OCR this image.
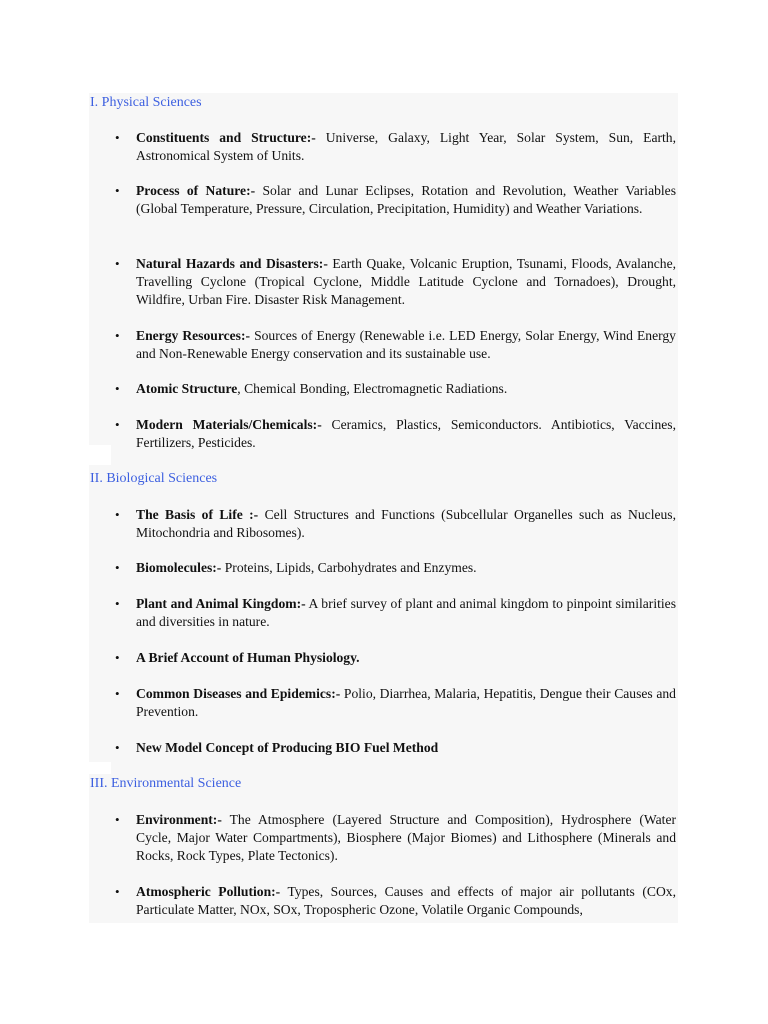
I. Physical Sciences
• Constituents and Structure:- Universe, Galaxy, Light Year, Solar System, Sun, Earth, Astronomical System of Units.
• Process of Nature:- Solar and Lunar Eclipses, Rotation and Revolution, Weather Variables (Global Temperature, Pressure, Circulation, Precipitation, Humidity) and Weather Variations.
• Natural Hazards and Disasters:- Earth Quake, Volcanic Eruption, Tsunami, Floods, Avalanche, Travelling Cyclone (Tropical Cyclone, Middle Latitude Cyclone and Tornadoes), Drought, Wildfire, Urban Fire. Disaster Risk Management.
• Energy Resources:- Sources of Energy (Renewable i.e. LED Energy, Solar Energy, Wind Energy and Non-Renewable Energy conservation and its sustainable use.
• Atomic Structure, Chemical Bonding, Electromagnetic Radiations.
• Modern Materials/Chemicals:- Ceramics, Plastics, Semiconductors. Antibiotics, Vaccines, Fertilizers, Pesticides.
II. Biological Sciences
• The Basis of Life :- Cell Structures and Functions (Subcellular Organelles such as Nucleus, Mitochondria and Ribosomes).
• Biomolecules:- Proteins, Lipids, Carbohydrates and Enzymes.
• Plant and Animal Kingdom:- A brief survey of plant and animal kingdom to pinpoint similarities and diversities in nature.
• A Brief Account of Human Physiology.
• Common Diseases and Epidemics:- Polio, Diarrhea, Malaria, Hepatitis, Dengue their Causes and Prevention.
• New Model Concept of Producing BIO Fuel Method
III. Environmental Science
• Environment:- The Atmosphere (Layered Structure and Composition), Hydrosphere (Water Cycle, Major Water Compartments), Biosphere (Major Biomes) and Lithosphere (Minerals and Rocks, Rock Types, Plate Tectonics).
• Atmospheric Pollution:- Types, Sources, Causes and effects of major air pollutants (COx, Particulate Matter, NOx, SOx, Tropospheric Ozone, Volatile Organic Compounds,
